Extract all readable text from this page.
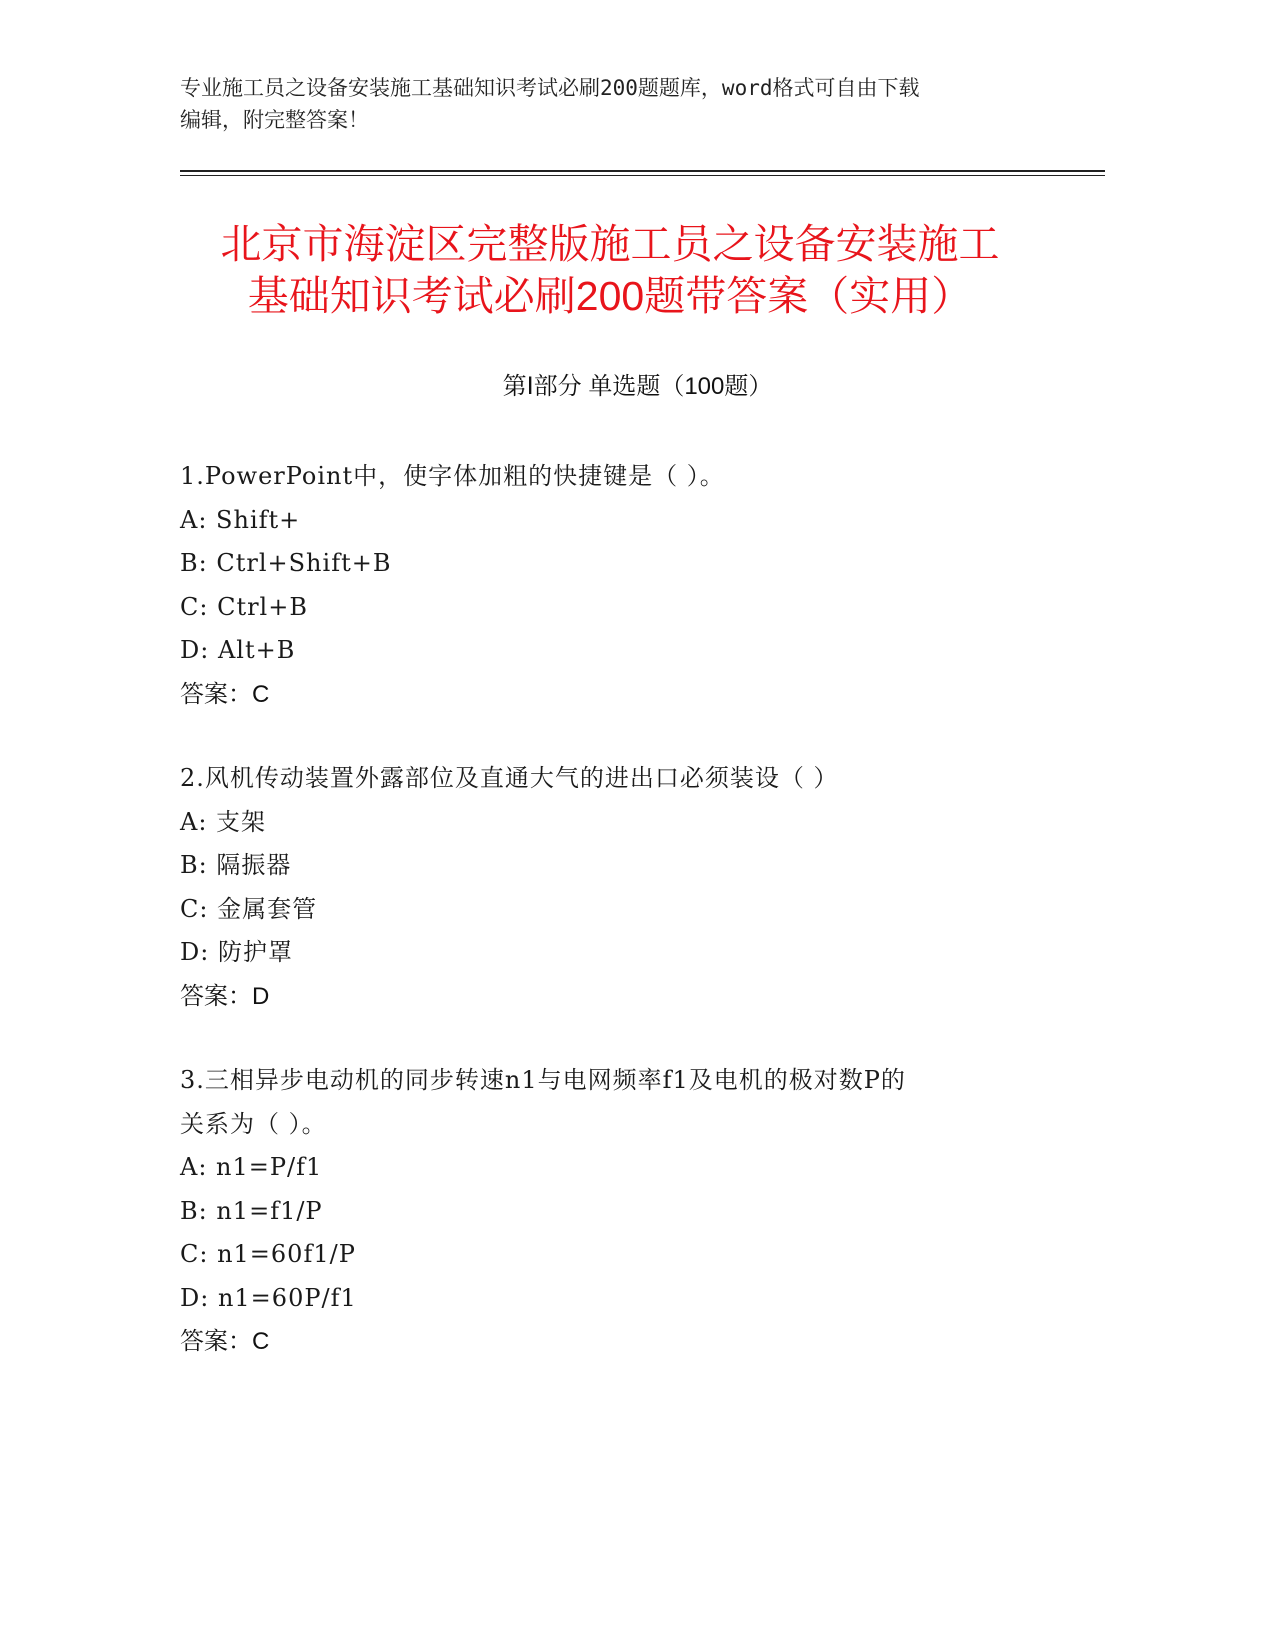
专业施工员之设备安装施工基础知识考试必刷200题题库，word格式可自由下载
编辑，附完整答案！
北京市海淀区完整版施工员之设备安装施工
基础知识考试必刷200题带答案（实用）
第Ⅰ部分 单选题（100题）
1.PowerPoint中，使字体加粗的快捷键是（ ）。
A: Shift+
B: Ctrl+Shift+B
C: Ctrl+B
D: Alt+B
答案：C
2.风机传动装置外露部位及直通大气的进出口必须装设（ ）
A: 支架
B: 隔振器
C: 金属套管
D: 防护罩
答案：D
3.三相异步电动机的同步转速n1与电网频率f1及电机的极对数P的
关系为（ ）。
A: n1=P/f1
B: n1=f1/P
C: n1=60f1/P
D: n1=60P/f1
答案：C
